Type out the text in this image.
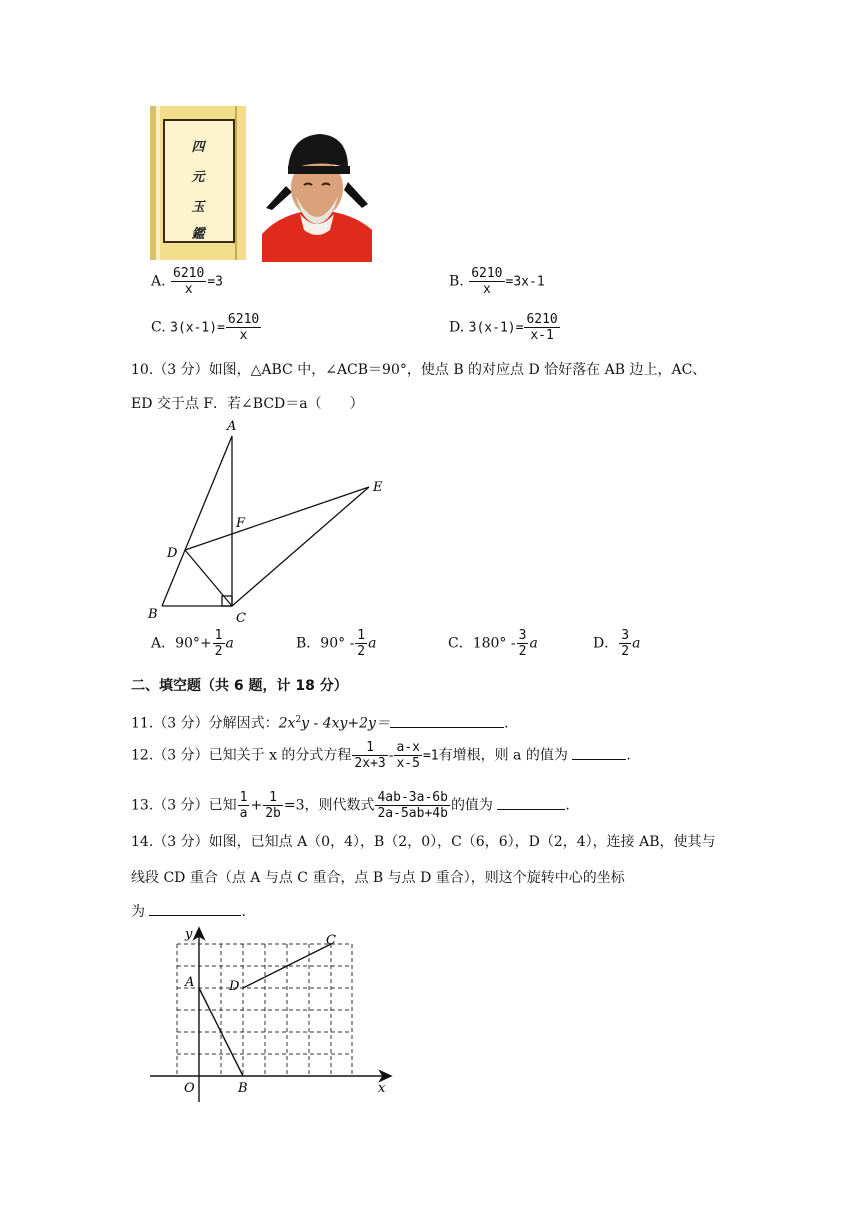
四
元
玉
鑑
A. $\frac{6210}{x} =3$	B. $\frac{6210}{x} =3x-1$
C. $3(x-1)= \frac{6210}{x}$	D. $3(x-1)= \frac{6210}{x-1}$
10.（3 分）如图，△ABC 中，∠ACB＝90°，使点 B 的对应点 D 恰好落在 AB 边上，AC、
ED 交于点 F．若∠BCD＝a（　　）
A
B	C
D
E
F
A．$90^\circ+ \frac{1}{2}$ a	B．$90^\circ - \frac{1}{2}$ a	C．$180^\circ - \frac{3}{2}$ a	D． $\frac{3}{2}$ a
二、填空题（共 6 题，计 18 分）
11.（3 分）分解因式：$2x^2y - 4xy+2y=$	.
12.（3 分）已知关于 x 的分式方程 $\frac{1}{2x+3} - \frac{a-x}{x-5} =1$有增根，则 a 的值为	.
13.（3 分）已知 $\frac{1}{a} + \frac{1}{2b} =3$，则代数式 $\frac{4ab-3a-6b}{2a-5ab+4b}$ 的值为	.
14.（3 分）如图，已知点 A（0，4），B（2，0），C（6，6），D（2，4），连接 AB，使其与
线段 CD 重合（点 A 与点 C 重合，点 B 与点 D 重合），则这个旋转中心的坐标
为	.
y
x
O
A
B
C
D
